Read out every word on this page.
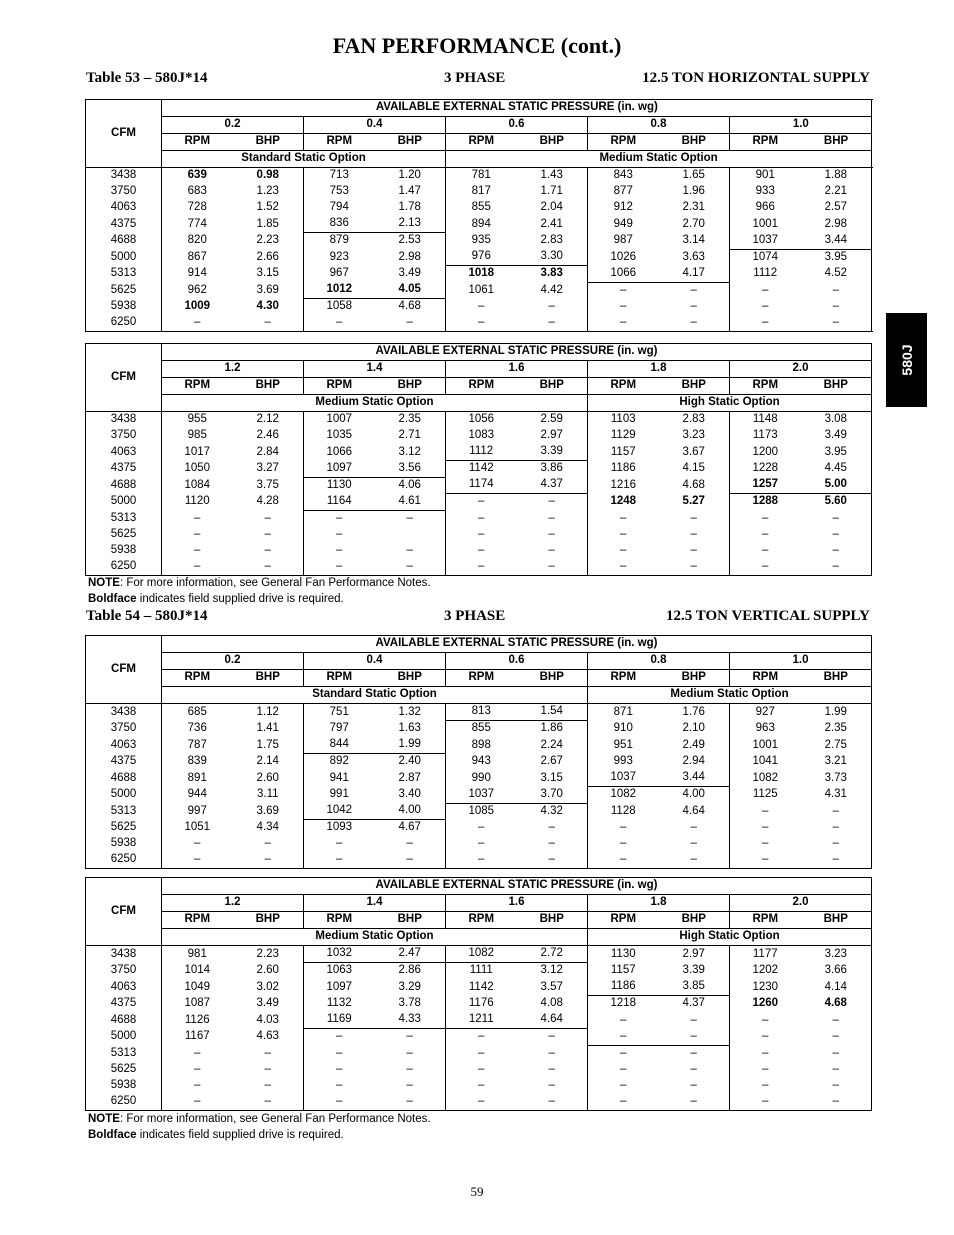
FAN PERFORMANCE (cont.)
580J
Table 53 – 580J*14	3 PHASE	12.5 TON HORIZONTAL SUPPLY
CFM	AVAILABLE EXTERNAL STATIC PRESSURE (in. wg)									
	0.2		0.4		0.6		0.8		1.0	
	RPM	BHP	RPM	BHP	RPM	BHP	RPM	BHP	RPM	BHP
	Standard Static Option				Medium Static Option					
3438	639	0.98	713	1.20	781	1.43	843	1.65	901	1.88
3750	683	1.23	753	1.47	817	1.71	877	1.96	933	2.21
4063	728	1.52	794	1.78	855	2.04	912	2.31	966	2.57
4375	774	1.85	836	2.13	894	2.41	949	2.70	1001	2.98
4688	820	2.23	879	2.53	935	2.83	987	3.14	1037	3.44
5000	867	2.66	923	2.98	976	3.30	1026	3.63	1074	3.95
5313	914	3.15	967	3.49	1018	3.83	1066	4.17	1112	4.52
5625	962	3.69	1012	4.05	1061	4.42	–	–	–	–
5938	1009	4.30	1058	4.68	–	–	–	–	–	–
6250	–	–	–	–	–	–	–	–	–	–
CFM	AVAILABLE EXTERNAL STATIC PRESSURE (in. wg)									
	1.2		1.4		1.6		1.8		2.0	
	RPM	BHP	RPM	BHP	RPM	BHP	RPM	BHP	RPM	BHP
	Medium Static Option						High Static Option			
3438	955	2.12	1007	2.35	1056	2.59	1103	2.83	1148	3.08
3750	985	2.46	1035	2.71	1083	2.97	1129	3.23	1173	3.49
4063	1017	2.84	1066	3.12	1112	3.39	1157	3.67	1200	3.95
4375	1050	3.27	1097	3.56	1142	3.86	1186	4.15	1228	4.45
4688	1084	3.75	1130	4.06	1174	4.37	1216	4.68	1257	5.00
5000	1120	4.28	1164	4.61	–	–	1248	5.27	1288	5.60
5313	–	–	–	–	–	–	–	–	–	–
5625	–	–	–		–	–	–	–	–	–
5938	–	–	–	–	–	–	–	–	–	–
6250	–	–	–	–	–	–	–	–	–	–
NOTE: For more information, see General Fan Performance Notes.
Boldface indicates field supplied drive is required.
Table 54 – 580J*14	3 PHASE	12.5 TON VERTICAL SUPPLY
CFM	AVAILABLE EXTERNAL STATIC PRESSURE (in. wg)									
	0.2		0.4		0.6		0.8		1.0	
	RPM	BHP	RPM	BHP	RPM	BHP	RPM	BHP	RPM	BHP
	Standard Static Option						Medium Static Option			
3438	685	1.12	751	1.32	813	1.54	871	1.76	927	1.99
3750	736	1.41	797	1.63	855	1.86	910	2.10	963	2.35
4063	787	1.75	844	1.99	898	2.24	951	2.49	1001	2.75
4375	839	2.14	892	2.40	943	2.67	993	2.94	1041	3.21
4688	891	2.60	941	2.87	990	3.15	1037	3.44	1082	3.73
5000	944	3.11	991	3.40	1037	3.70	1082	4.00	1125	4.31
5313	997	3.69	1042	4.00	1085	4.32	1128	4.64	–	–
5625	1051	4.34	1093	4.67	–	–	–	–	–	–
5938	–	–	–	–	–	–	–	–	–	–
6250	–	–	–	–	–	–	–	–	–	–
CFM	AVAILABLE EXTERNAL STATIC PRESSURE (in. wg)									
	1.2		1.4		1.6		1.8		2.0	
	RPM	BHP	RPM	BHP	RPM	BHP	RPM	BHP	RPM	BHP
	Medium Static Option						High Static Option			
3438	981	2.23	1032	2.47	1082	2.72	1130	2.97	1177	3.23
3750	1014	2.60	1063	2.86	1111	3.12	1157	3.39	1202	3.66
4063	1049	3.02	1097	3.29	1142	3.57	1186	3.85	1230	4.14
4375	1087	3.49	1132	3.78	1176	4.08	1218	4.37	1260	4.68
4688	1126	4.03	1169	4.33	1211	4.64	–	–	–	–
5000	1167	4.63	–	–	–	–	–	–	–	–
5313	–	–	–	–	–	–	–	–	–	–
5625	–	–	–	–	–	–	–	–	–	–
5938	–	–	–	–	–	–	–	–	–	–
6250	–	–	–	–	–	–	–	–	–	–
NOTE: For more information, see General Fan Performance Notes.
Boldface indicates field supplied drive is required.
59
